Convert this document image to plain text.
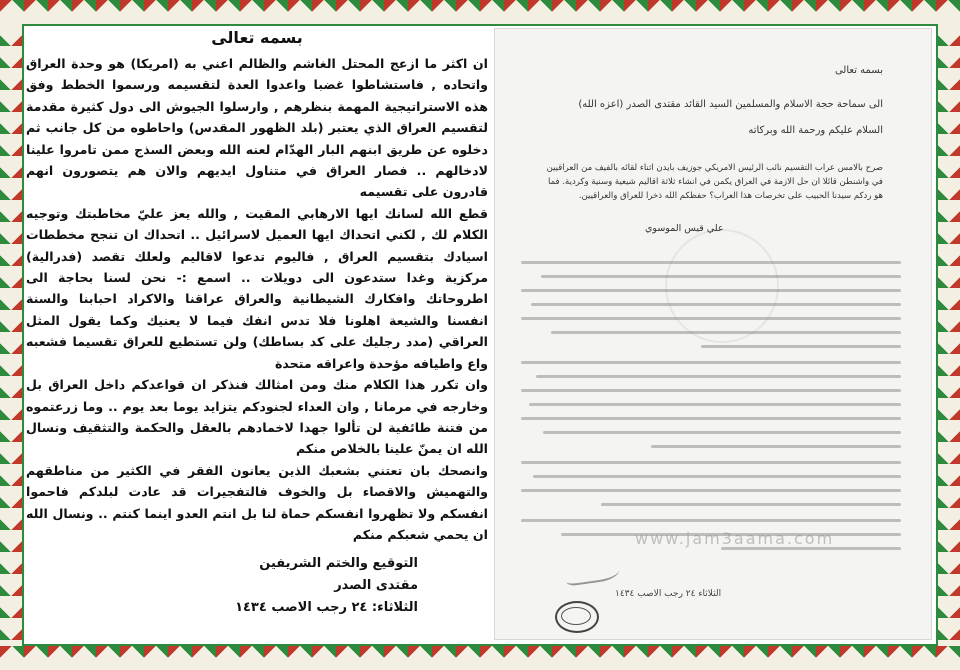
بسمه تعالى

ان اكثر ما ازعج المحتل الغاشم والظالم اعني به (امريكا) هو وحدة العراق واتحاده , فاستشاطوا غضبا واعدوا العدة لتقسيمه ورسموا الخطط وفق هذه الاستراتيجية المهمة بنظرهم , وارسلوا الجيوش الى دول كثيرة مقدمة لتقسيم العراق الذي يعتبر (بلد الظهور المقدس) واحاطوه من كل جانب ثم دخلوه عن طريق ابنهم البار الهدّام لعنه الله وبعض السذج ممن تامروا علينا لادخالهم .. فصار العراق في متناول ايديهم والان هم يتصورون انهم قادرون على تقسيمه

قطع الله لسانك ايها الارهابي المقيت , والله يعز عليّ مخاطبتك وتوجيه الكلام لك , لكني اتحداك ايها العميل لاسرائيل .. اتحداك ان تنجح مخططات اسيادك بتقسيم العراق , فاليوم تدعوا لاقاليم ولعلك تقصد (فدرالية) مركزية وغدا ستدعون الى دويلات .. اسمع :- نحن لسنا بحاجة الى اطروحاتك وافكارك الشيطانية والعراق عراقنا والاكراد احبابنا والسنة انفسنا والشيعة اهلونا فلا تدس انفك فيما لا يعنيك وكما يقول المثل العراقي (مدد رجليك على كد بساطك) ولن تستطيع للعراق تقسيما فشعبه واع واطيافه مؤحدة واعراقه متحدة

وان تكرر هذا الكلام منك ومن امثالك فنذكر ان قواعدكم داخل العراق بل وخارجه في مرمانا , وان العداء لجنودكم يتزايد يوما بعد يوم .. وما زرعتموه من فتنة طائفية لن تألوا جهدا لاخمادهم بالعقل والحكمة والتثقيف ونسال الله ان يمنّ علينا بالخلاص منكم

وانصحك بان تعتني بشعبك الذين يعانون الفقر في الكثير من مناطقهم والتهميش والاقصاء بل والخوف فالتفجيرات قد عادت لبلدكم فاحموا انفسكم ولا تظهروا انفسكم حماة لنا بل انتم العدو اينما كنتم .. ونسال الله ان يحمي شعبكم منكم

التوقيع والختم الشريفين
مقتدى الصدر
الثلاثاء: ٢٤ رجب الاصب ١٤٣٤
بسمه تعالى
الى سماحة حجة الاسلام والمسلمين السيد القائد مقتدى الصدر (اعزه الله)
السلام عليكم ورحمة الله وبركاته
صرح بالامس عراب التقسيم نائب الرئيس الامريكي جوزيف بايدن اثناء لقائه بالفيف من العراقيين في واشنطن قائلا ان حل الازمة في العراق يكمن في انشاء ثلاثة اقاليم شيعية وسنية وكردية. فما هو ردكم سيدنا الحبيب على تخرصات هذا العراب؟ حفظكم الله ذخرا للعراق والعراقيين.
علي قيس الموسوي
www.jam3aama.com
الثلاثاء ٢٤ رجب الاصب ١٤٣٤
